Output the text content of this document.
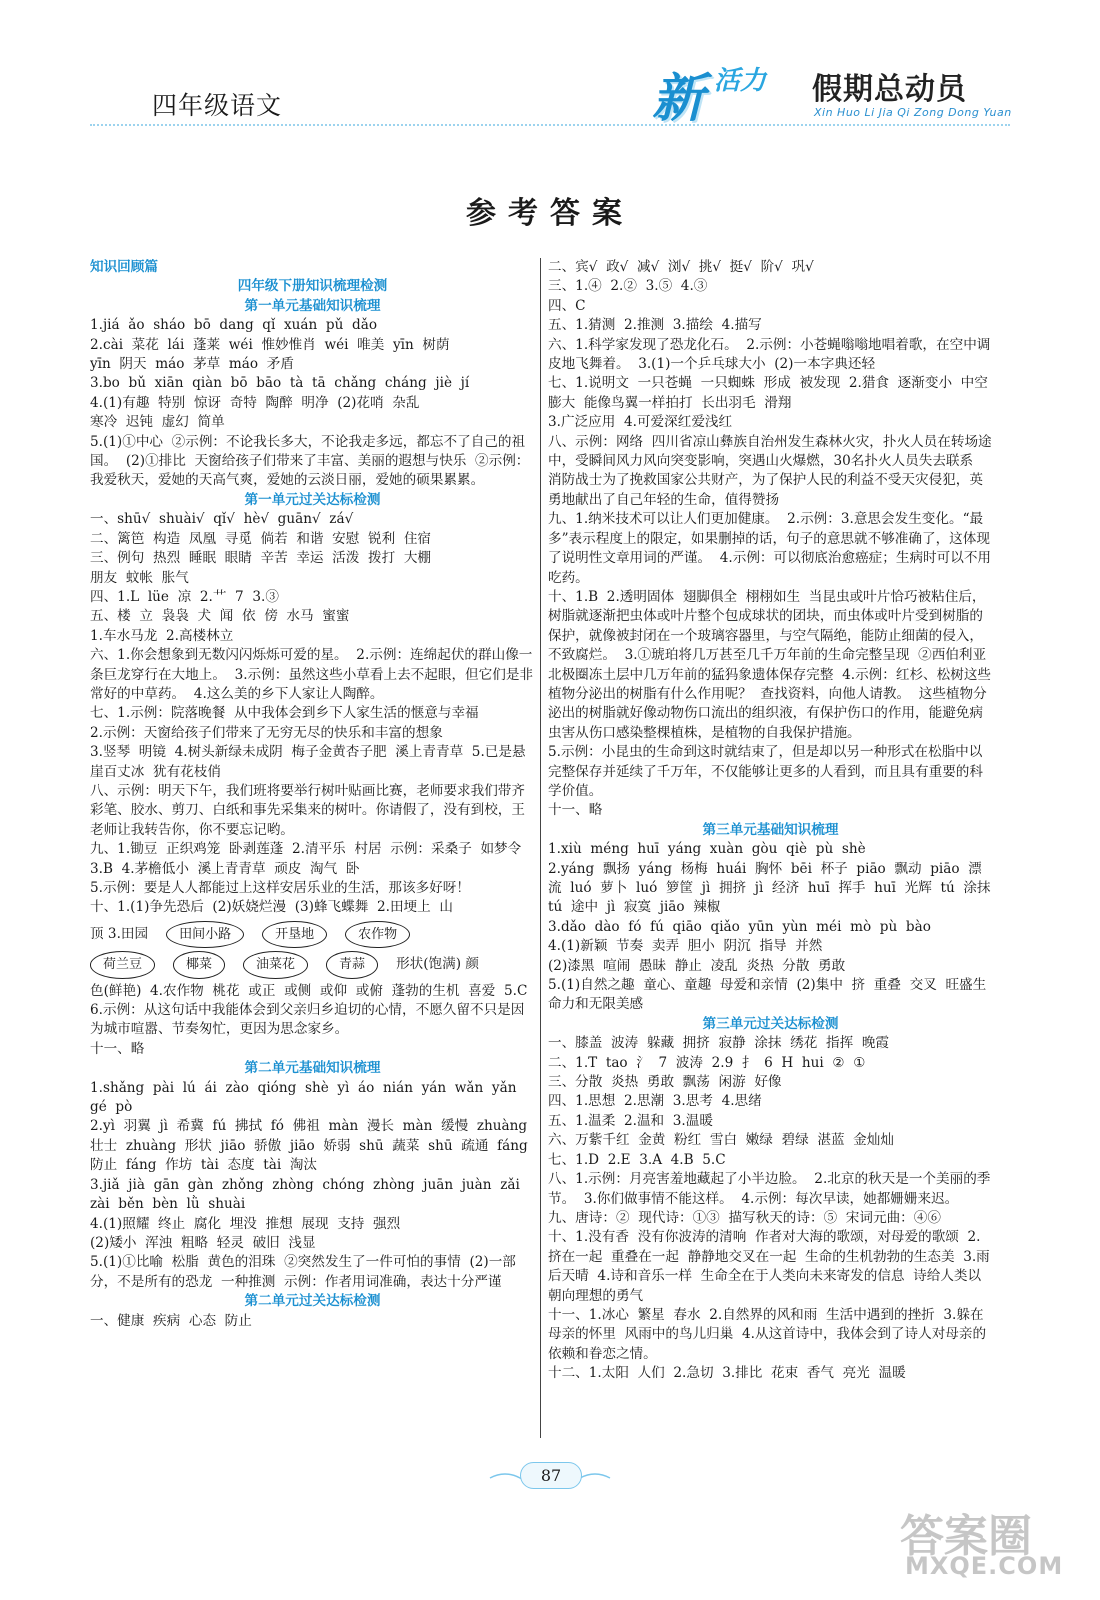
四年级语文	新 活力 假期总动员
Xin Huo Li Jia Qi Zong Dong Yuan
参考答案

知识回顾篇

四年级下册知识梳理检测

第一单元基础知识梳理

1.jiá  ǎo  sháo  bō  dang  qǐ  xuán  pǔ  dǎo

2.cài  菜花  lái  蓬莱  wéi  惟妙惟肖  wéi  唯美  yīn  树荫

yīn  阴天  máo  茅草  máo  矛盾

3.bo  bǔ  xiān  qiàn  bō  bāo  tà  tā  chǎng  cháng  jiè  jí

4.(1)有趣  特别  惊讶  奇特  陶醉  明净  (2)花哨  杂乱

寒冷  迟钝  虚幻  简单

5.(1)①中心  ②示例：不论我长多大，不论我走多远，都忘不了自己的祖国。  (2)①排比  天窗给孩子们带来了丰富、美丽的遐想与快乐  ②示例：我爱秋天，爱她的天高气爽，爱她的云淡日丽，爱她的硕果累累。

第一单元过关达标检测

一、shū√  shuài√  qǐ√  hè√  guān√  zá√

二、篱笆  构造  凤凰  寻觅  倘若  和谐  安慰  锐利  住宿

三、例句  热烈  睡眠  眼睛  辛苦  幸运  活泼  拨打  大棚

朋友  蚊帐  胀气

四、1.L  lüe  凉  2.⺾  7  3.③

五、楼  立  袅袅  犬  闻  依  傍  水马  蜜蜜

1.车水马龙  2.高楼林立

六、1.你会想象到无数闪闪烁烁可爱的星。  2.示例：连绵起伏的群山像一条巨龙穿行在大地上。  3.示例：虽然这些小草看上去不起眼，但它们是非常好的中草药。  4.这么美的乡下人家让人陶醉。

七、1.示例：院落晚餐  从中我体会到乡下人家生活的惬意与幸福

2.示例：天窗给孩子们带来了无穷无尽的快乐和丰富的想象

3.竖琴  明镜  4.树头新绿未成阴  梅子金黄杏子肥  溪上青青草  5.已是悬崖百丈冰  犹有花枝俏

八、示例：明天下午，我们班将要举行树叶贴画比赛，老师要求我们带齐彩笔、胶水、剪刀、白纸和事先采集来的树叶。你请假了，没有到校，王老师让我转告你，你不要忘记哟。

九、1.锄豆  正织鸡笼  卧剥莲蓬  2.清平乐  村居  示例：采桑子  如梦令  3.B  4.茅檐低小  溪上青青草  顽皮  淘气  卧

5.示例：要是人人都能过上这样安居乐业的生活，那该多好呀！

十、1.(1)争先恐后  (2)妖娆烂漫  (3)蜂飞蝶舞  2.田埂上  山

顶 3.田园	田间小路	开垦地	农作物
荷兰豆	椰菜	油菜花	青蒜	形状(饱满) 颜

色(鲜艳)  4.农作物  桃花  或正  或侧  或仰  或俯  蓬勃的生机  喜爱  5.C  6.示例：从这句话中我能体会到父亲归乡迫切的心情，不愿久留不只是因为城市喧嚣、节奏匆忙，更因为思念家乡。

十一、略

第二单元基础知识梳理

1.shǎng  pài  lú  ái  zào  qióng  shè  yì  áo  nián  yán  wǎn  yǎn  gé  pò

2.yì  羽翼  jì  希冀  fú  拂拭  fó  佛祖  màn  漫长  màn  缓慢  zhuàng  壮士  zhuàng  形状  jiāo  骄傲  jiāo  娇弱  shū  蔬菜  shū  疏通  fáng  防止  fáng  作坊  tài  态度  tài  淘汰

3.jiǎ  jià  gān  gàn  zhǒng  zhòng  chóng  zhòng  juān  juàn  zǎi  zài  běn  bèn  lǜ  shuài

4.(1)照耀  终止  腐化  埋没  推想  展现  支持  强烈

(2)矮小  浑浊  粗略  轻灵  破旧  浅显

5.(1)①比喻  松脂  黄色的泪珠  ②突然发生了一件可怕的事情  (2)一部分，不是所有的恐龙  一种推测  示例：作者用词准确，表达十分严谨

第二单元过关达标检测

一、健康  疾病  心态  防止

二、宾√  政√  减√  浏√  挑√  挺√  阶√  巩√

三、1.④  2.②  3.⑤  4.③

四、C

五、1.猜测  2.推测  3.描绘  4.描写

六、1.科学家发现了恐龙化石。  2.示例：小苍蝇嗡嗡地唱着歌，在空中调皮地飞舞着。  3.(1)一个乒乓球大小  (2)一本字典还轻

七、1.说明文  一只苍蝇  一只蜘蛛  形成  被发现  2.猎食  逐渐变小  中空  膨大  能像鸟翼一样拍打  长出羽毛  滑翔

3.广泛应用  4.可爱深红爱浅红

八、示例：网络  四川省凉山彝族自治州发生森林火灾，扑火人员在转场途中，受瞬间风力风向突变影响，突遇山火爆燃，30名扑火人员失去联系  消防战士为了挽救国家公共财产，为了保护人民的利益不受天灾侵犯，英勇地献出了自己年轻的生命，值得赞扬

九、1.纳米技术可以让人们更加健康。  2.示例：3.意思会发生变化。“最多”表示程度上的限定，如果删掉的话，句子的意思就不够准确了，这体现了说明性文章用词的严谨。  4.示例：可以彻底治愈癌症；生病时可以不用吃药。

十、1.B  2.透明固体  翅脚俱全  栩栩如生  当昆虫或叶片恰巧被粘住后，树脂就逐渐把虫体或叶片整个包成球状的团块，而虫体或叶片受到树脂的保护，就像被封闭在一个玻璃容器里，与空气隔绝，能防止细菌的侵入，不致腐烂。  3.①琥珀将几万甚至几千万年前的生命完整呈现  ②西伯利亚北极圈冻土层中几万年前的猛犸象遗体保存完整  4.示例：红杉、松树这些植物分泌出的树脂有什么作用呢？  查找资料，向他人请教。  这些植物分泌出的树脂就好像动物伤口流出的组织液，有保护伤口的作用，能避免病虫害从伤口感染整棵植株，是植物的自我保护措施。

5.示例：小昆虫的生命到这时就结束了，但是却以另一种形式在松脂中以完整保存并延续了千万年，不仅能够让更多的人看到，而且具有重要的科学价值。

十一、略

第三单元基础知识梳理

1.xiù  méng  huī  yáng  xuàn  gòu  qiè  pù  shè

2.yáng  飘扬  yáng  杨梅  huái  胸怀  bēi  杯子  piāo  飘动  piāo  漂流  luó  萝卜  luó  箩筐  jì  拥挤  jì  经济  huī  挥手  huī  光辉  tú  涂抹  tú  途中  jì  寂寞  jiāo  辣椒

3.dǎo  dào  fó  fú  qiāo  qiǎo  yūn  yùn  méi  mò  pù  bào

4.(1)新颖  节奏  卖弄  胆小  阴沉  指导  并然

(2)漆黑  喧闹  愚昧  静止  凌乱  炎热  分散  勇敢

5.(1)自然之趣  童心、童趣  母爱和亲情  (2)集中  挤  重叠  交叉  旺盛生命力和无限美感

第三单元过关达标检测

一、膝盖  波涛  躲藏  拥挤  寂静  涂抹  绣花  指挥  晚霞

二、1.T  tao  氵  7  波涛  2.9  扌  6  H  hui  ②  ①

三、分散  炎热  勇敢  飘荡  闲游  好像

四、1.思想  2.思潮  3.思考  4.思绪

五、1.温柔  2.温和  3.温暖

六、万紫千红  金黄  粉红  雪白  嫩绿  碧绿  湛蓝  金灿灿

七、1.D  2.E  3.A  4.B  5.C

八、1.示例：月亮害羞地藏起了小半边脸。  2.北京的秋天是一个美丽的季节。  3.你们做事情不能这样。  4.示例：每次早读，她都姗姗来迟。

九、唐诗：②  现代诗：①③  描写秋天的诗：⑤  宋词元曲：④⑥

十、1.没有香  没有你波涛的清响  作者对大海的歌颂，对母爱的歌颂  2.挤在一起  重叠在一起  静静地交叉在一起  生命的生机勃勃的生态美  3.雨后天晴  4.诗和音乐一样  生命全在于人类向未来寄发的信息  诗给人类以朝向理想的勇气

十一、1.冰心  繁星  春水  2.自然界的风和雨  生活中遇到的挫折  3.躲在母亲的怀里  风雨中的鸟儿归巢  4.从这首诗中，我体会到了诗人对母亲的依赖和眷恋之情。

十二、1.太阳  人们  2.急切  3.排比  花束  香气  亮光  温暖

87
答案圈
MXQE.COM
